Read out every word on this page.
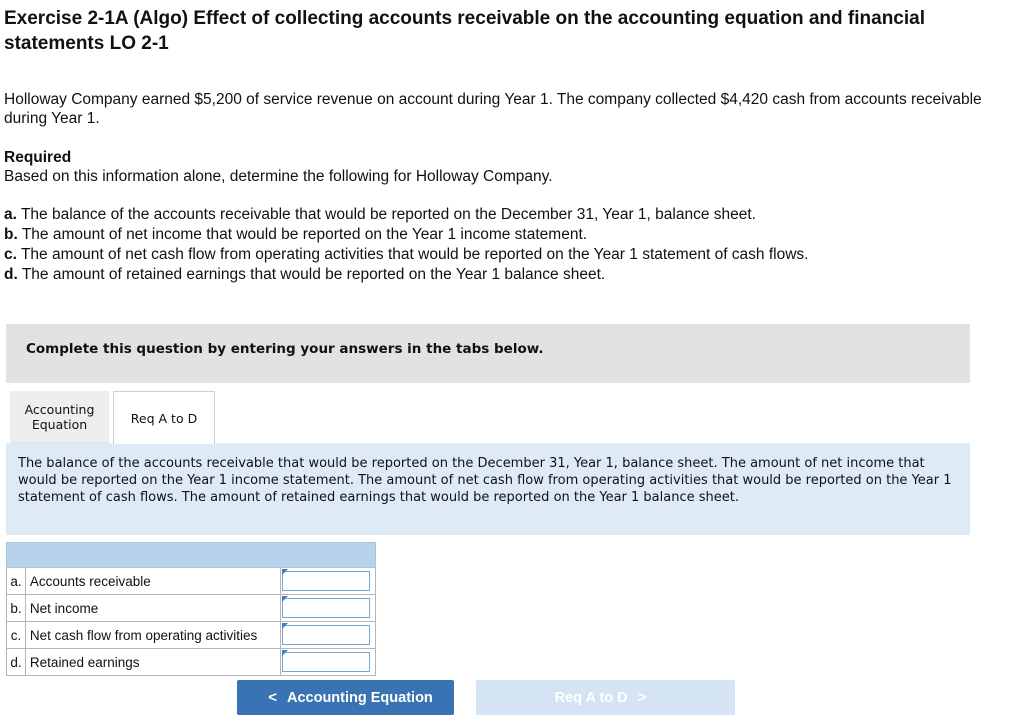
Exercise 2-1A (Algo) Effect of collecting accounts receivable on the accounting equation and financial statements LO 2-1

Holloway Company earned $5,200 of service revenue on account during Year 1. The company collected $4,420 cash from accounts receivable during Year 1.

Required

Based on this information alone, determine the following for Holloway Company.

a. The balance of the accounts receivable that would be reported on the December 31, Year 1, balance sheet.
b. The amount of net income that would be reported on the Year 1 income statement.
c. The amount of net cash flow from operating activities that would be reported on the Year 1 statement of cash flows.
d. The amount of retained earnings that would be reported on the Year 1 balance sheet.
Complete this question by entering your answers in the tabs below.
Accounting Equation	Req A to D
The balance of the accounts receivable that would be reported on the December 31, Year 1, balance sheet. The amount of net income that would be reported on the Year 1 income statement. The amount of net cash flow from operating activities that would be reported on the Year 1 statement of cash flows. The amount of retained earnings that would be reported on the Year 1 balance sheet.

a.	Accounts receivable	

b.	Net income	

c.	Net cash flow from operating activities	

d.	Retained earnings	
< Accounting Equation	Req A to D >
